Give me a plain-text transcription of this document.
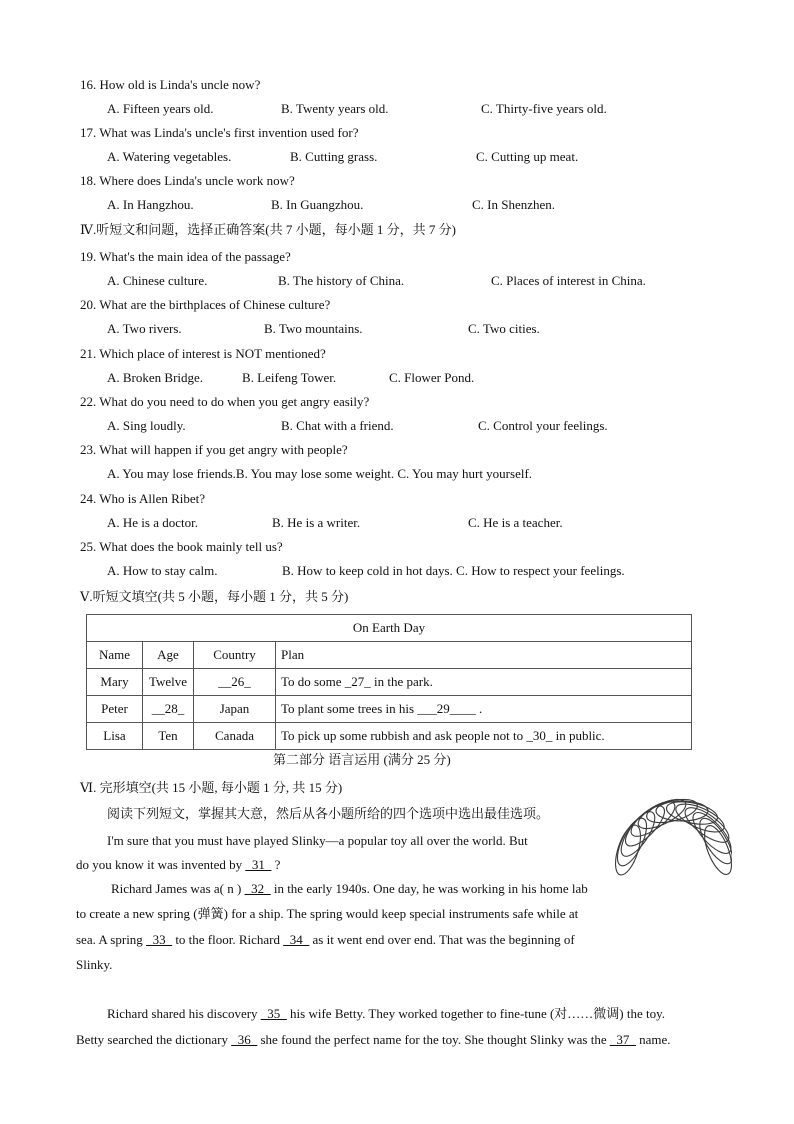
16. How old is Linda's uncle now?
A. Fifteen years old.	B. Twenty years old.	C. Thirty-five years old.
17. What was Linda's uncle's first invention used for?
A. Watering vegetables.	B. Cutting grass.	C. Cutting up meat.
18. Where does Linda's uncle work now?
A. In Hangzhou.	B. In Guangzhou.	C. In Shenzhen.
Ⅳ.听短文和问题，选择正确答案(共 7 小题，每小题 1 分，共 7 分)
19. What's the main idea of the passage?
A. Chinese culture.	B. The history of China.	C. Places of interest in China.
20. What are the birthplaces of Chinese culture?
A. Two rivers.	B. Two mountains.	C. Two cities.
21. Which place of interest is NOT mentioned?
A. Broken Bridge.	B. Leifeng Tower.	C. Flower Pond.
22. What do you need to do when you get angry easily?
A. Sing loudly.	B. Chat with a friend.	C. Control your feelings.
23. What will happen if you get angry with people?
A. You may lose friends.B. You may lose some weight. C. You may hurt yourself.
24. Who is Allen Ribet?
A. He is a doctor.	B. He is a writer.	C. He is a teacher.
25. What does the book mainly tell us?
A. How to stay calm.	B. How to keep cold in hot days. C. How to respect your feelings.
Ⅴ.听短文填空(共 5 小题，每小题 1 分，共 5 分)
On Earth Day			
Name	Age	Country	Plan
Mary	Twelve	__26_	To do some _27_ in the park.
Peter	__28_	Japan	To plant some trees in his ___29____ .
Lisa	Ten	Canada	To pick up some rubbish and ask people not to _30_ in public.
第二部分 语言运用 (满分 25 分)
Ⅵ. 完形填空(共 15 小题, 每小题 1 分, 共 15 分)
阅读下列短文，掌握其大意，然后从各小题所给的四个选项中选出最佳选项。
I'm sure that you must have played Slinky—a popular toy all over the world. But
do you know it was invented by _31_ ?
Richard James was a( n ) _32_ in the early 1940s. One day, he was working in his home lab
to create a new spring (弹簧) for a ship. The spring would keep special instruments safe while at
sea. A spring _33_ to the floor. Richard _34_ as it went end over end. That was the beginning of
Slinky.
Richard shared his discovery _35_ his wife Betty. They worked together to fine-tune (对……微调) the toy.
Betty searched the dictionary _36_ she found the perfect name for the toy. She thought Slinky was the _37_ name.
